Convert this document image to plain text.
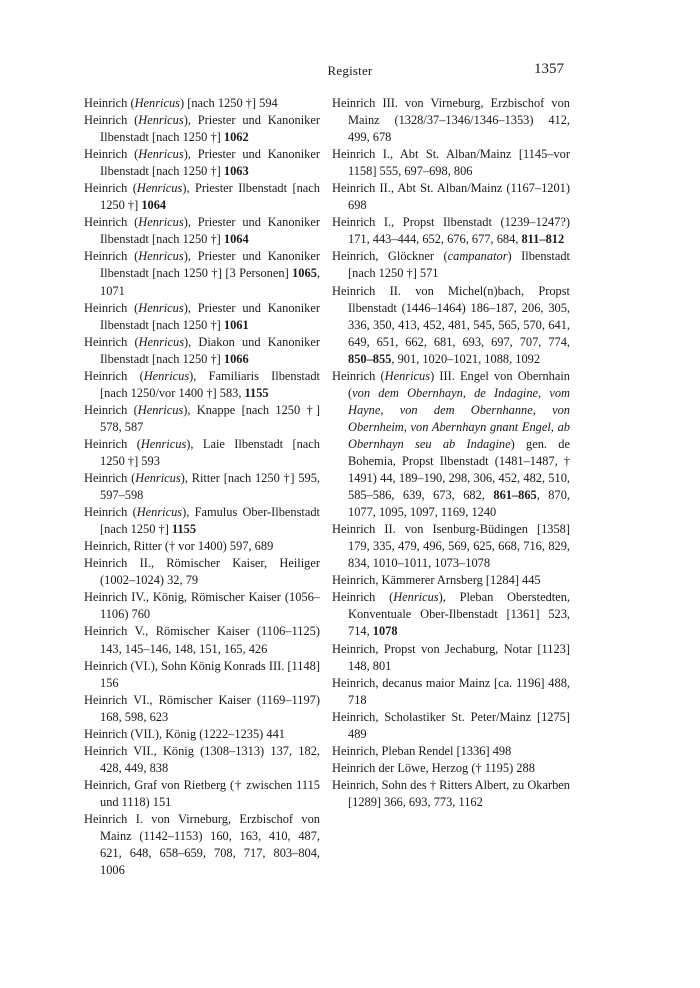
Register	1357

Heinrich (Henricus) [nach 1250 †] 594

Heinrich (Henricus), Priester und Kanoniker Ilbenstadt [nach 1250 †] 1062

Heinrich (Henricus), Priester und Kanoniker Ilbenstadt [nach 1250 †] 1063

Heinrich (Henricus), Priester Ilbenstadt [nach 1250 †] 1064

Heinrich (Henricus), Priester und Kanoniker Ilbenstadt [nach 1250 †] 1064

Heinrich (Henricus), Priester und Kanoniker Ilbenstadt [nach 1250 †] [3 Personen] 1065, 1071

Heinrich (Henricus), Priester und Kanoniker Ilbenstadt [nach 1250 †] 1061

Heinrich (Henricus), Diakon und Kanoniker Ilbenstadt [nach 1250 †] 1066

Heinrich (Henricus), Familiaris Ilbenstadt [nach 1250/vor 1400 †] 583, 1155

Heinrich (Henricus), Knappe [nach 1250 †] 578, 587

Heinrich (Henricus), Laie Ilbenstadt [nach 1250 †] 593

Heinrich (Henricus), Ritter [nach 1250 †] 595, 597–598

Heinrich (Henricus), Famulus Ober-Ilbenstadt [nach 1250 †] 1155

Heinrich, Ritter († vor 1400) 597, 689

Heinrich II., Römischer Kaiser, Heiliger (1002–1024) 32, 79

Heinrich IV., König, Römischer Kaiser (1056–1106) 760

Heinrich V., Römischer Kaiser (1106–1125) 143, 145–146, 148, 151, 165, 426

Heinrich (VI.), Sohn König Konrads III. [1148] 156

Heinrich VI., Römischer Kaiser (1169–1197) 168, 598, 623

Heinrich (VII.), König (1222–1235) 441

Heinrich VII., König (1308–1313) 137, 182, 428, 449, 838

Heinrich, Graf von Rietberg († zwischen 1115 und 1118) 151

Heinrich I. von Virneburg, Erzbischof von Mainz (1142–1153) 160, 163, 410, 487, 621, 648, 658–659, 708, 717, 803–804, 1006

Heinrich III. von Virneburg, Erzbischof von Mainz (1328/37–1346/1346–1353) 412, 499, 678

Heinrich I., Abt St. Alban/Mainz [1145–vor 1158] 555, 697–698, 806

Heinrich II., Abt St. Alban/Mainz (1167–1201) 698

Heinrich I., Propst Ilbenstadt (1239–1247?) 171, 443–444, 652, 676, 677, 684, 811–812

Heinrich, Glöckner (campanator) Ilbenstadt [nach 1250 †] 571

Heinrich II. von Michel(n)bach, Propst Ilbenstadt (1446–1464) 186–187, 206, 305, 336, 350, 413, 452, 481, 545, 565, 570, 641, 649, 651, 662, 681, 693, 697, 707, 774, 850–855, 901, 1020–1021, 1088, 1092

Heinrich (Henricus) III. Engel von Obernhain (von dem Obernhayn, de Indagine, vom Hayne, von dem Obernhanne, von Obernheim, von Abernhayn gnant Engel, ab Obernhayn seu ab Indagine) gen. de Bohemia, Propst Ilbenstadt (1481–1487, † 1491) 44, 189–190, 298, 306, 452, 482, 510, 585–586, 639, 673, 682, 861–865, 870, 1077, 1095, 1097, 1169, 1240

Heinrich II. von Isenburg-Büdingen [1358] 179, 335, 479, 496, 569, 625, 668, 716, 829, 834, 1010–1011, 1073–1078

Heinrich, Kämmerer Arnsberg [1284] 445

Heinrich (Henricus), Pleban Oberstedten, Konventuale Ober-Ilbenstadt [1361] 523, 714, 1078

Heinrich, Propst von Jechaburg, Notar [1123] 148, 801

Heinrich, decanus maior Mainz [ca. 1196] 488, 718

Heinrich, Scholastiker St. Peter/Mainz [1275] 489

Heinrich, Pleban Rendel [1336] 498

Heinrich der Löwe, Herzog († 1195) 288

Heinrich, Sohn des † Ritters Albert, zu Okarben [1289] 366, 693, 773, 1162
